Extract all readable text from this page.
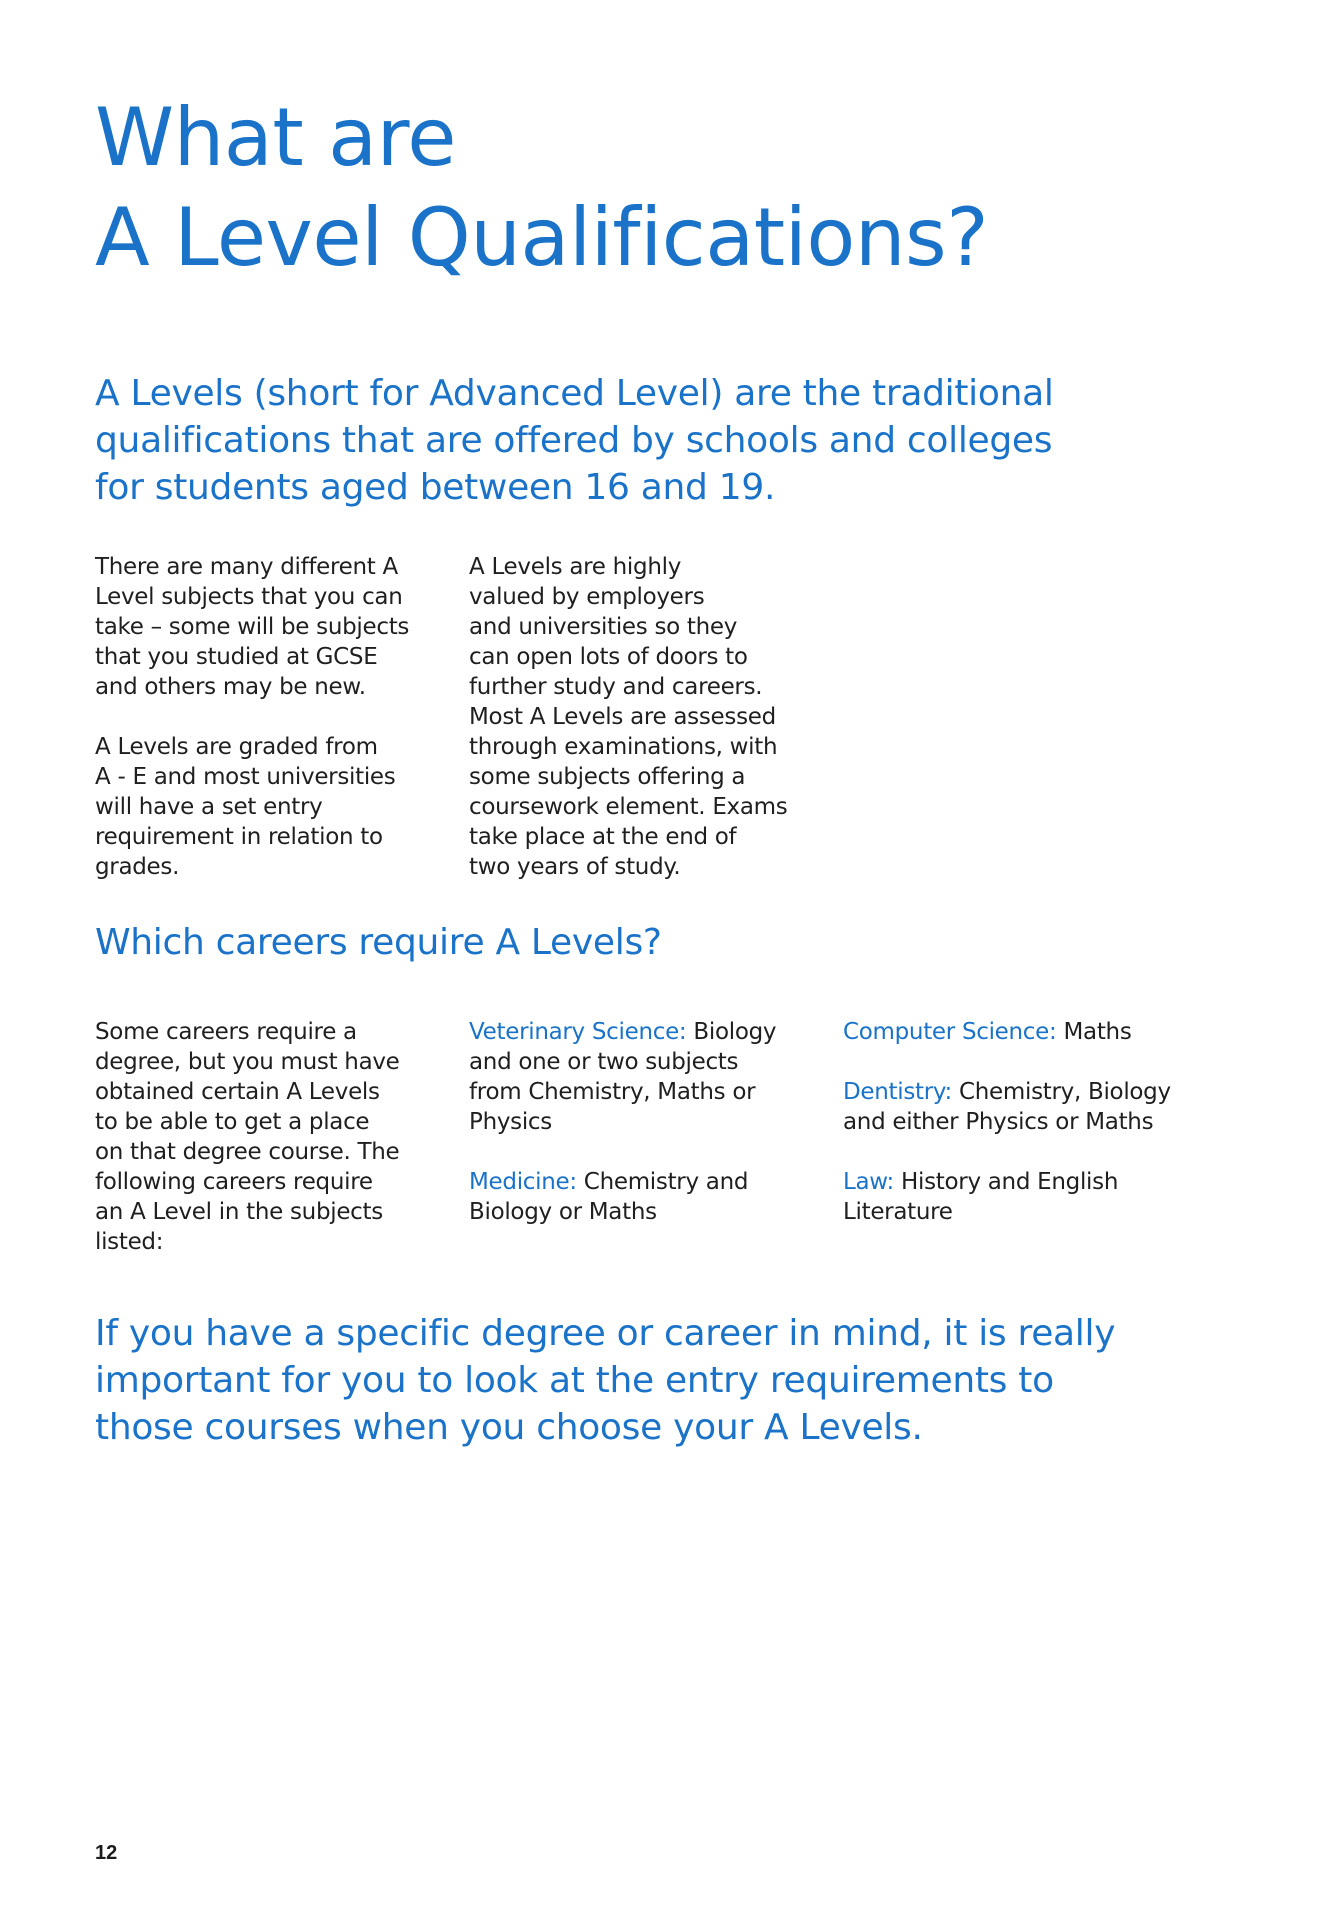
What are
A Level Qualifications?

A Levels (short for Advanced Level) are the traditional
qualifications that are offered by schools and colleges
for students aged between 16 and 19.

There are many different A
Level subjects that you can
take – some will be subjects
that you studied at GCSE
and others may be new.

A Levels are graded from
A - E and most universities
will have a set entry
requirement in relation to
grades.

A Levels are highly
valued by employers
and universities so they
can open lots of doors to
further study and careers.
Most A Levels are assessed
through examinations, with
some subjects offering a
coursework element. Exams
take place at the end of
two years of study.

Which careers require A Levels?

Some careers require a
degree, but you must have
obtained certain A Levels
to be able to get a place
on that degree course. The
following careers require
an A Level in the subjects
listed:

Veterinary Science: Biology
and one or two subjects
from Chemistry, Maths or
Physics

Medicine: Chemistry and
Biology or Maths

Computer Science: Maths

Dentistry: Chemistry, Biology
and either Physics or Maths

Law: History and English
Literature

If you have a specific degree or career in mind, it is really
important for you to look at the entry requirements to
those courses when you choose your A Levels.

12
